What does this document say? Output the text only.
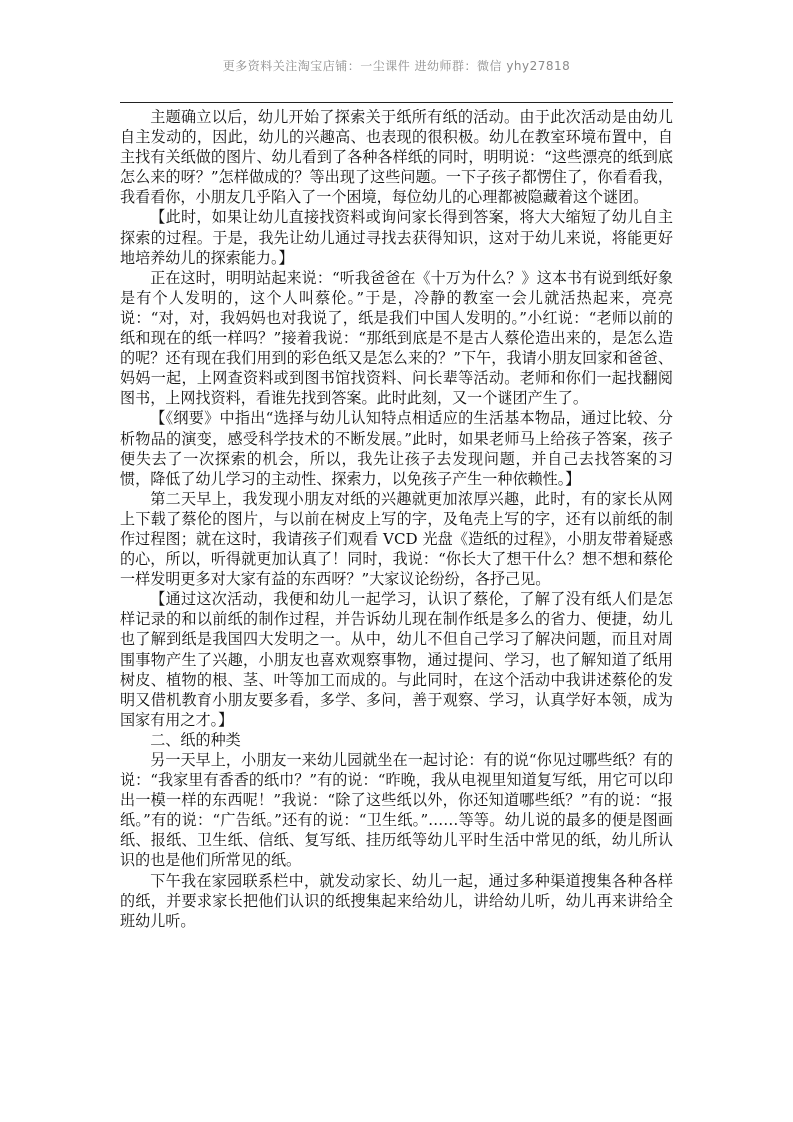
更多资料关注淘宝店铺：一尘课件 进幼师群：微信 yhy27818

主题确立以后，幼儿开始了探索关于纸所有纸的活动。由于此次活动是由幼儿自主发动的，因此，幼儿的兴趣高、也表现的很积极。幼儿在教室环境布置中，自主找有关纸做的图片、幼儿看到了各种各样纸的同时，明明说：“这些漂亮的纸到底怎么来的呀？”怎样做成的？等出现了这些问题。一下子孩子都愣住了，你看看我，我看看你，小朋友几乎陷入了一个困境，每位幼儿的心理都被隐藏着这个谜团。

【此时，如果让幼儿直接找资料或询问家长得到答案，将大大缩短了幼儿自主探索的过程。于是，我先让幼儿通过寻找去获得知识，这对于幼儿来说，将能更好地培养幼儿的探索能力。】

正在这时，明明站起来说：“听我爸爸在《十万为什么？》这本书有说到纸好象是有个人发明的，这个人叫蔡伦。”于是，冷静的教室一会儿就活热起来，亮亮说：“对，对，我妈妈也对我说了，纸是我们中国人发明的。”小红说：“老师以前的纸和现在的纸一样吗？”接着我说：“那纸到底是不是古人蔡伦造出来的，是怎么造的呢？还有现在我们用到的彩色纸又是怎么来的？”下午，我请小朋友回家和爸爸、妈妈一起，上网查资料或到图书馆找资料、问长辈等活动。老师和你们一起找翻阅图书，上网找资料，看谁先找到答案。此时此刻，又一个谜团产生了。

【《纲要》中指出“选择与幼儿认知特点相适应的生活基本物品，通过比较、分析物品的演变，感受科学技术的不断发展。”此时，如果老师马上给孩子答案，孩子便失去了一次探索的机会，所以，我先让孩子去发现问题，并自己去找答案的习惯，降低了幼儿学习的主动性、探索力，以免孩子产生一种依赖性。】

第二天早上，我发现小朋友对纸的兴趣就更加浓厚兴趣，此时，有的家长从网上下载了蔡伦的图片，与以前在树皮上写的字，及龟壳上写的字，还有以前纸的制作过程图；就在这时，我请孩子们观看 VCD 光盘《造纸的过程》，小朋友带着疑惑的心，所以，听得就更加认真了！同时，我说：“你长大了想干什么？想不想和蔡伦一样发明更多对大家有益的东西呀？”大家议论纷纷，各抒己见。

【通过这次活动，我便和幼儿一起学习，认识了蔡伦，了解了没有纸人们是怎样记录的和以前纸的制作过程，并告诉幼儿现在制作纸是多么的省力、便捷，幼儿也了解到纸是我国四大发明之一。从中，幼儿不但自己学习了解决问题，而且对周围事物产生了兴趣，小朋友也喜欢观察事物，通过提问、学习，也了解知道了纸用树皮、植物的根、茎、叶等加工而成的。与此同时，在这个活动中我讲述蔡伦的发明又借机教育小朋友要多看，多学、多问，善于观察、学习，认真学好本领，成为国家有用之才。】

二、纸的种类

另一天早上，小朋友一来幼儿园就坐在一起讨论：有的说“你见过哪些纸？有的说：“我家里有香香的纸巾？”有的说：“昨晚，我从电视里知道复写纸，用它可以印出一模一样的东西呢！”我说：“除了这些纸以外，你还知道哪些纸？”有的说：“报纸。”有的说：“广告纸。”还有的说：“卫生纸。”……等等。幼儿说的最多的便是图画纸、报纸、卫生纸、信纸、复写纸、挂历纸等幼儿平时生活中常见的纸，幼儿所认识的也是他们所常见的纸。

下午我在家园联系栏中，就发动家长、幼儿一起，通过多种渠道搜集各种各样的纸，并要求家长把他们认识的纸搜集起来给幼儿，讲给幼儿听，幼儿再来讲给全班幼儿听。
